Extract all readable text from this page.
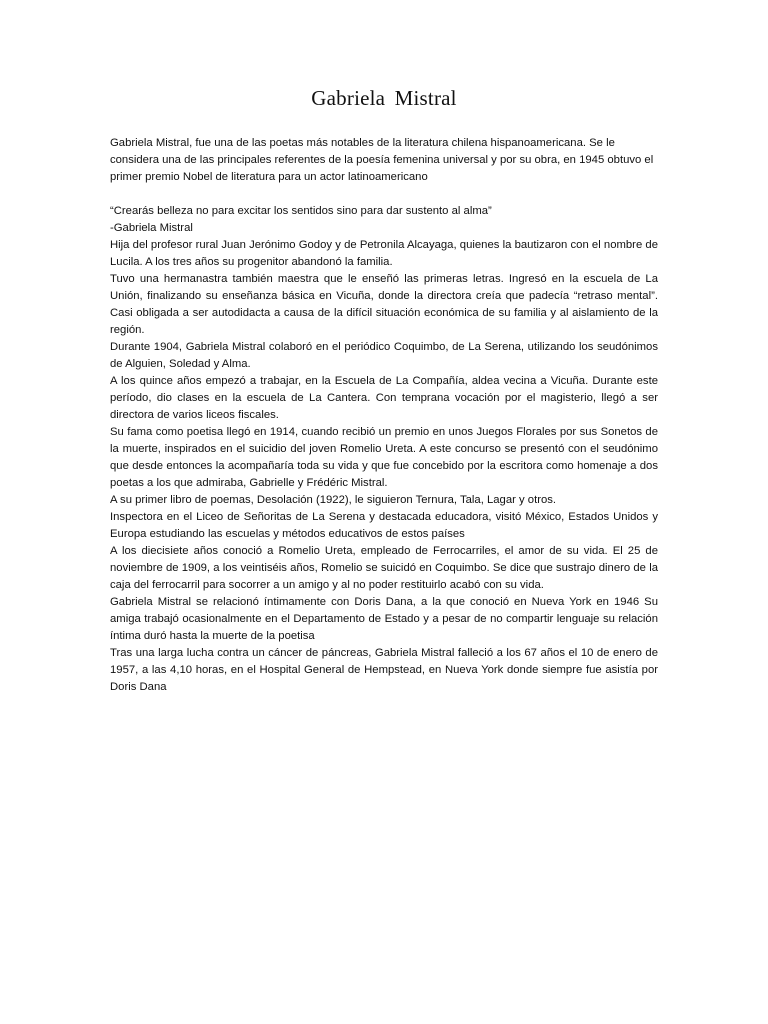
Gabriela Mistral

Gabriela Mistral, fue una de las poetas más notables de la literatura chilena hispanoamericana. Se le considera una de las principales referentes de la poesía femenina universal y por su obra, en 1945 obtuvo el primer premio Nobel de literatura para un actor latinoamericano

“Crearás belleza no para excitar los sentidos sino para dar sustento al alma”

-Gabriela Mistral

Hija del profesor rural Juan Jerónimo Godoy y de Petronila Alcayaga, quienes la bautizaron con el nombre de Lucila. A los tres años su progenitor abandonó la familia.

Tuvo una hermanastra también maestra que le enseñó las primeras letras. Ingresó en la escuela de La Unión, finalizando su enseñanza básica en Vicuña, donde la directora creía que padecía “retraso mental”. Casi obligada a ser autodidacta a causa de la difícil situación económica de su familia y al aislamiento de la región.

Durante 1904, Gabriela Mistral colaboró en el periódico Coquimbo, de La Serena, utilizando los seudónimos de Alguien, Soledad y Alma.

A los quince años empezó a trabajar, en la Escuela de La Compañía, aldea vecina a Vicuña. Durante este período, dio clases en la escuela de La Cantera. Con temprana vocación por el magisterio, llegó a ser directora de varios liceos fiscales.

Su fama como poetisa llegó en 1914, cuando recibió un premio en unos Juegos Florales por sus Sonetos de la muerte, inspirados en el suicidio del joven Romelio Ureta. A este concurso se presentó con el seudónimo que desde entonces la acompañaría toda su vida y que fue concebido por la escritora como homenaje a dos poetas a los que admiraba, Gabrielle y Frédéric Mistral.

A su primer libro de poemas, Desolación (1922), le siguieron Ternura, Tala, Lagar y otros.

Inspectora en el Liceo de Señoritas de La Serena y destacada educadora, visitó México, Estados Unidos y Europa estudiando las escuelas y métodos educativos de estos países

A los diecisiete años conoció a Romelio Ureta, empleado de Ferrocarriles, el amor de su vida. El 25 de noviembre de 1909, a los veintiséis años, Romelio se suicidó en Coquimbo. Se dice que sustrajo dinero de la caja del ferrocarril para socorrer a un amigo y al no poder restituirlo acabó con su vida.

Gabriela Mistral se relacionó íntimamente con Doris Dana, a la que conoció en Nueva York en 1946 Su amiga trabajó ocasionalmente en el Departamento de Estado y a pesar de no compartir lenguaje su relación íntima duró hasta la muerte de la poetisa

Tras una larga lucha contra un cáncer de páncreas, Gabriela Mistral falleció a los 67 años el 10 de enero de 1957, a las 4,10 horas, en el Hospital General de Hempstead, en Nueva York donde siempre fue asistía por Doris Dana
